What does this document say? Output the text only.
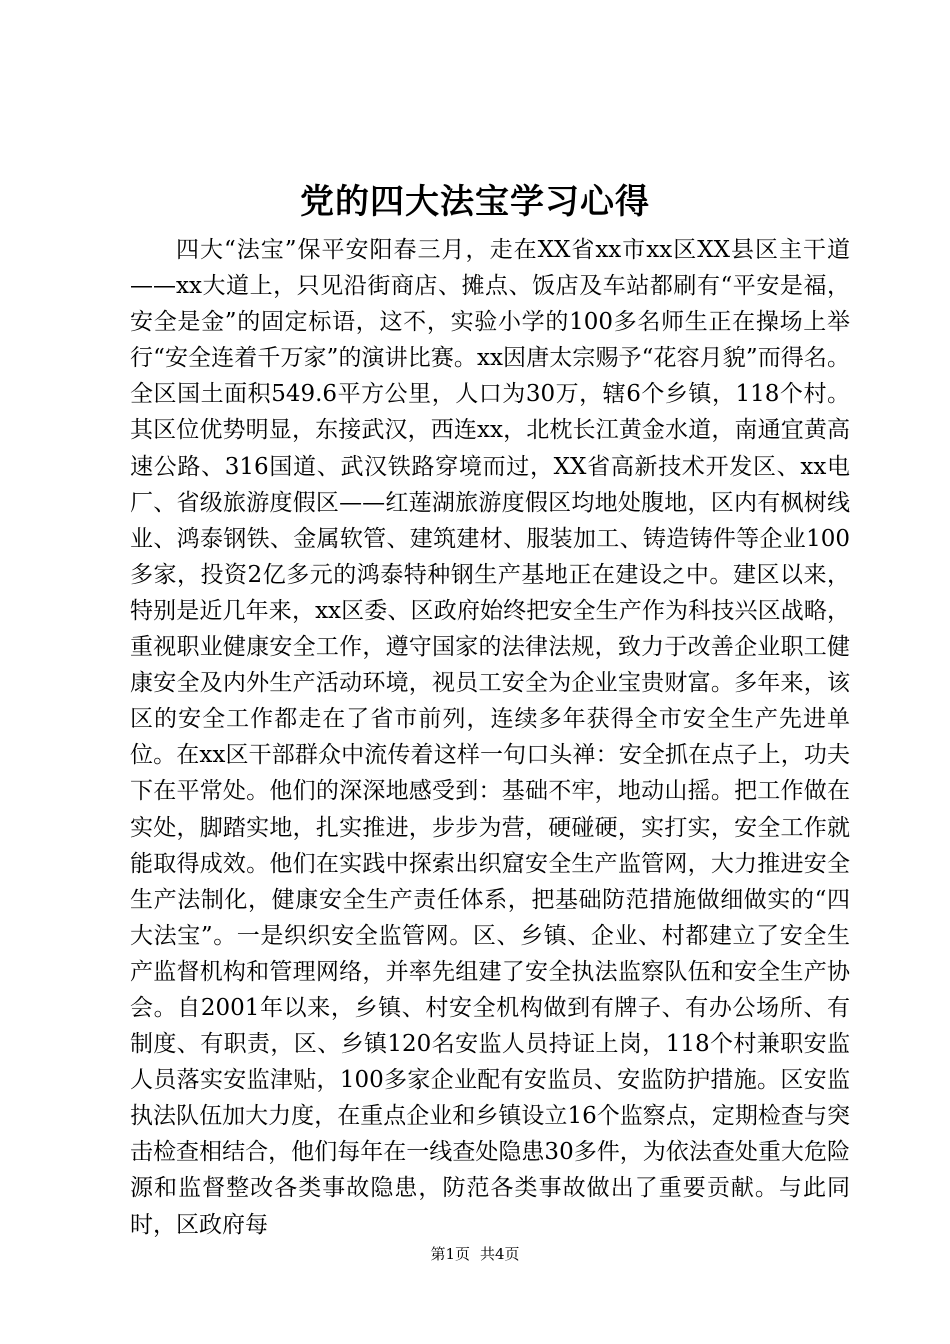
党的四大法宝学习心得

四大“法宝”保平安阳春三月，走在XX省xx市xx区XX县区主干道——xx大道上，只见沿街商店、摊点、饭店及车站都刷有“平安是福，安全是金”的固定标语，这不，实验小学的100多名师生正在操场上举行“安全连着千万家”的演讲比赛。xx因唐太宗赐予“花容月貌”而得名。全区国土面积549.6平方公里，人口为30万，辖6个乡镇，118个村。其区位优势明显，东接武汉，西连xx，北枕长江黄金水道，南通宜黄高速公路、316国道、武汉铁路穿境而过，XX省高新技术开发区、xx电厂、省级旅游度假区——红莲湖旅游度假区均地处腹地，区内有枫树线业、鸿泰钢铁、金属软管、建筑建材、服装加工、铸造铸件等企业100多家，投资2亿多元的鸿泰特种钢生产基地正在建设之中。建区以来，特别是近几年来，xx区委、区政府始终把安全生产作为科技兴区战略，重视职业健康安全工作，遵守国家的法律法规，致力于改善企业职工健康安全及内外生产活动环境，视员工安全为企业宝贵财富。多年来，该区的安全工作都走在了省市前列，连续多年获得全市安全生产先进单位。在xx区干部群众中流传着这样一句口头禅：安全抓在点子上，功夫下在平常处。他们的深深地感受到：基础不牢，地动山摇。把工作做在实处，脚踏实地，扎实推进，步步为营，硬碰硬，实打实，安全工作就能取得成效。他们在实践中探索出织窟安全生产监管网，大力推进安全生产法制化，健康安全生产责任体系，把基础防范措施做细做实的“四大法宝”。一是织织安全监管网。区、乡镇、企业、村都建立了安全生产监督机构和管理网络，并率先组建了安全执法监察队伍和安全生产协会。自2001年以来，乡镇、村安全机构做到有牌子、有办公场所、有制度、有职责，区、乡镇120名安监人员持证上岗，118个村兼职安监人员落实安监津贴，100多家企业配有安监员、安监防护措施。区安监执法队伍加大力度，在重点企业和乡镇设立16个监察点，定期检查与突击检查相结合，他们每年在一线查处隐患30多件，为依法查处重大危险源和监督整改各类事故隐患，防范各类事故做出了重要贡献。与此同时，区政府每

第1页 共4页
